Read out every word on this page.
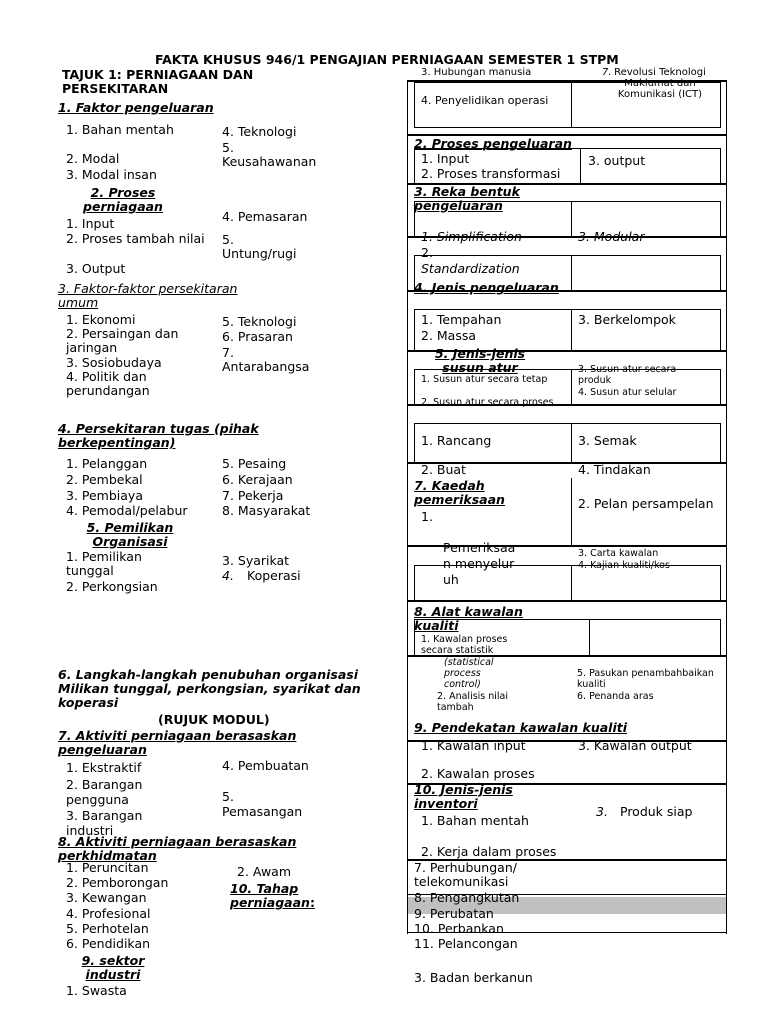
FAKTA KHUSUS 946/1 PENGAJIAN PERNIAGAAN SEMESTER 1 STPM
TAJUK 1: PERNIAGAAN DAN PERSEKITARAN
1. Faktor pengeluaran
1. Bahan mentah
2. Modal
3. Modal insan
4. Teknologi
5. Keusahawanan
2. Proses perniagaan
1. Input
2. Proses tambah nilai
3. Output
4. Pemasaran
5. Untung/rugi
3. Faktor-faktor persekitaran umum
1. Ekonomi
2. Persaingan dan jaringan
3. Sosiobudaya
4. Politik dan perundangan
5. Teknologi
6. Prasaran
7. Antarabangsa
4. Persekitaran tugas (pihak berkepentingan)
1. Pelanggan
2. Pembekal
3. Pembiaya
4. Pemodal/pelabur
5. Pesaing
6. Kerajaan
7. Pekerja
8. Masyarakat
5. Pemilikan Organisasi
1. Pemilikan tunggal
2. Perkongsian
3. Syarikat
4. Koperasi
6. Langkah-langkah penubuhan organisasi Milikan tunggal, perkongsian, syarikat dan koperasi
(RUJUK MODUL)
7. Aktiviti perniagaan berasaskan pengeluaran
1. Ekstraktif
2. Barangan pengguna
3. Barangan industri
4. Pembuatan
5. Pemasangan
8. Aktiviti perniagaan berasaskan perkhidmatan
1. Peruncitan
2. Pemborongan
3. Kewangan
4. Profesional
5. Perhotelan
6. Pendidikan
2. Awam
9. sektor industri
1. Swasta
10. Tahap perniagaan:
3. Hubungan manusia
4. Penyelidikan operasi
7. Revolusi Teknologi Maklumat dan Komunikasi (ICT)
2. Proses pengeluaran
1. Input
2. Proses transformasi
3. output
3. Reka bentuk pengeluaran
1. Simplification
2.
Standardization
3. Modular
4. Jenis pengeluaran
1. Tempahan
2. Massa
3. Berkelompok
5. Jenis-jenis susun atur
1. Susun atur secara tetap
2. Susun atur secara proses
3. Susun atur secara produk
4. Susun atur selular
1. Rancang
2. Buat
3. Semak
4. Tindakan
7. Kaedah pemeriksaan
1.
Pemeriksaan menyeluruh
2. Pelan persampelan
3. Carta kawalan
4. Kajian kualiti/kos
8. Alat kawalan kualiti
1. Kawalan proses secara statistik
(statistical process control)
2. Analisis nilai tambah
5. Pasukan penambahbaikan kualiti
6. Penanda aras
9. Pendekatan kawalan kualiti
1. Kawalan input
2. Kawalan proses
3. Kawalan output
10. Jenis-jenis inventori
1. Bahan mentah
2. Kerja dalam proses
3. Produk siap
7. Perhubungan/ telekomunikasi
8. Pengangkutan
9. Perubatan
10. Perbankan
11. Pelancongan
3. Badan berkanun
